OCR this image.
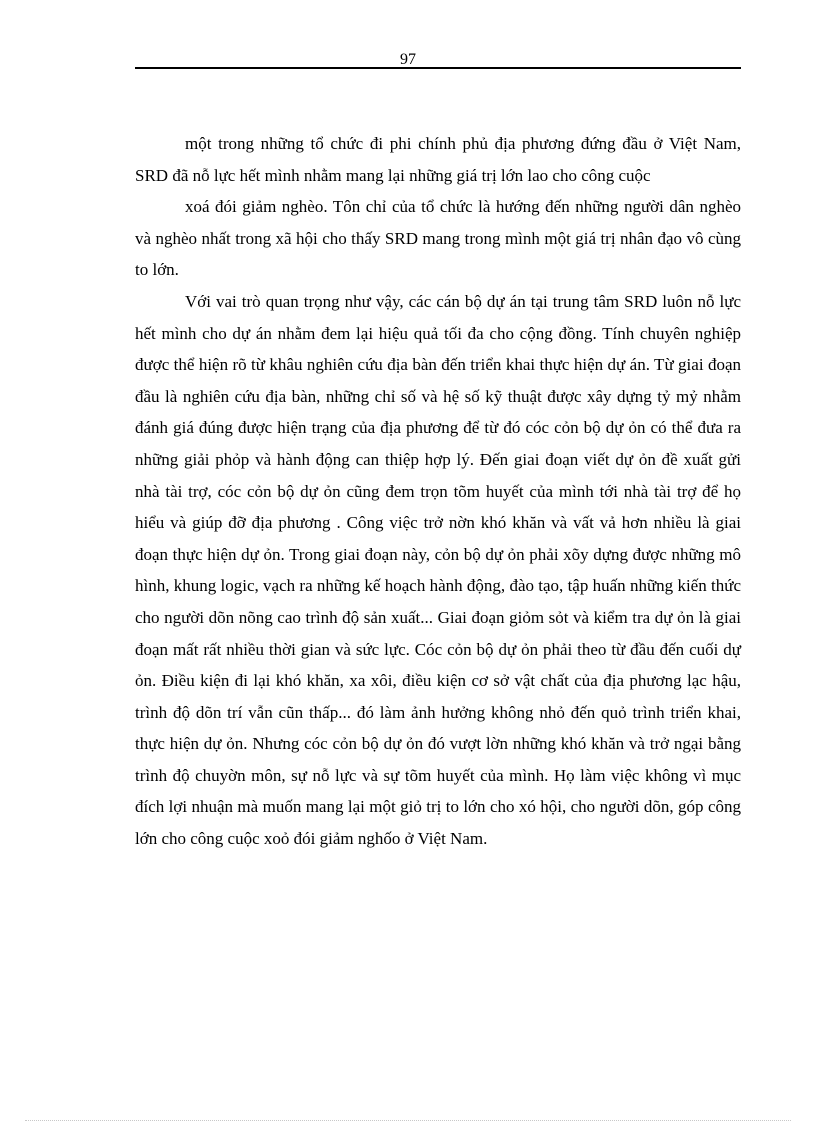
97

một trong những tổ chức đi phi chính phủ địa phương đứng đầu ở Việt Nam, SRD đã nỗ lực hết mình nhằm mang lại những giá trị lớn lao cho công cuộc

xoá đói giảm nghèo. Tôn chỉ của tổ chức là hướng đến những người dân nghèo và nghèo nhất trong xã hội cho thấy SRD mang trong mình một giá trị nhân đạo vô cùng to lớn.

Với vai trò quan trọng như vậy, các cán bộ dự án tại trung tâm SRD luôn nỗ lực hết mình cho dự án nhằm đem lại hiệu quả tối đa cho cộng đồng. Tính chuyên nghiệp được thể hiện rõ từ khâu nghiên cứu địa bàn đến triển khai thực hiện dự án. Từ giai đoạn đầu là nghiên cứu địa bàn, những chỉ số và hệ số kỹ thuật được xây dựng tỷ mỷ nhằm đánh giá đúng được hiện trạng của địa phương để từ đó cóc cỏn bộ dự ỏn có thể đưa ra những giải phỏp và hành động can thiệp hợp lý. Đến giai đoạn viết dự ỏn đề xuất gửi nhà tài trợ, cóc cỏn bộ dự ỏn cũng đem trọn tõm huyết của mình tới nhà tài trợ để họ hiểu và giúp đỡ địa phương . Công việc trở nờn khó khăn và vất vả hơn nhiều là giai đoạn thực hiện dự ỏn. Trong giai đoạn này, cỏn bộ dự ỏn phải xõy dựng được những mô hình, khung logic, vạch ra những kế hoạch hành động, đào tạo, tập huấn những kiến thức cho người dõn nõng cao trình độ sản xuất... Giai đoạn giỏm sỏt và kiểm tra dự ỏn là giai đoạn mất rất nhiều thời gian và sức lực. Cóc cỏn bộ dự ỏn phải theo từ đầu đến cuối dự ỏn. Điều kiện đi lại khó khăn, xa xôi, điều kiện cơ sở vật chất của địa phương lạc hậu, trình độ dõn trí vẫn cũn thấp... đó làm ảnh hưởng không nhỏ đến quỏ trình triển khai, thực hiện dự ỏn. Nhưng cóc cỏn bộ dự ỏn đó vượt lờn những khó khăn và trở ngại bằng trình độ chuyờn môn, sự nỗ lực và sự tõm huyết của mình. Họ làm việc không vì mục đích lợi nhuận mà muốn mang lại một giỏ trị to lớn cho xó hội, cho người dõn, góp công lớn cho công cuộc xoỏ đói giảm nghốo ở Việt Nam.
